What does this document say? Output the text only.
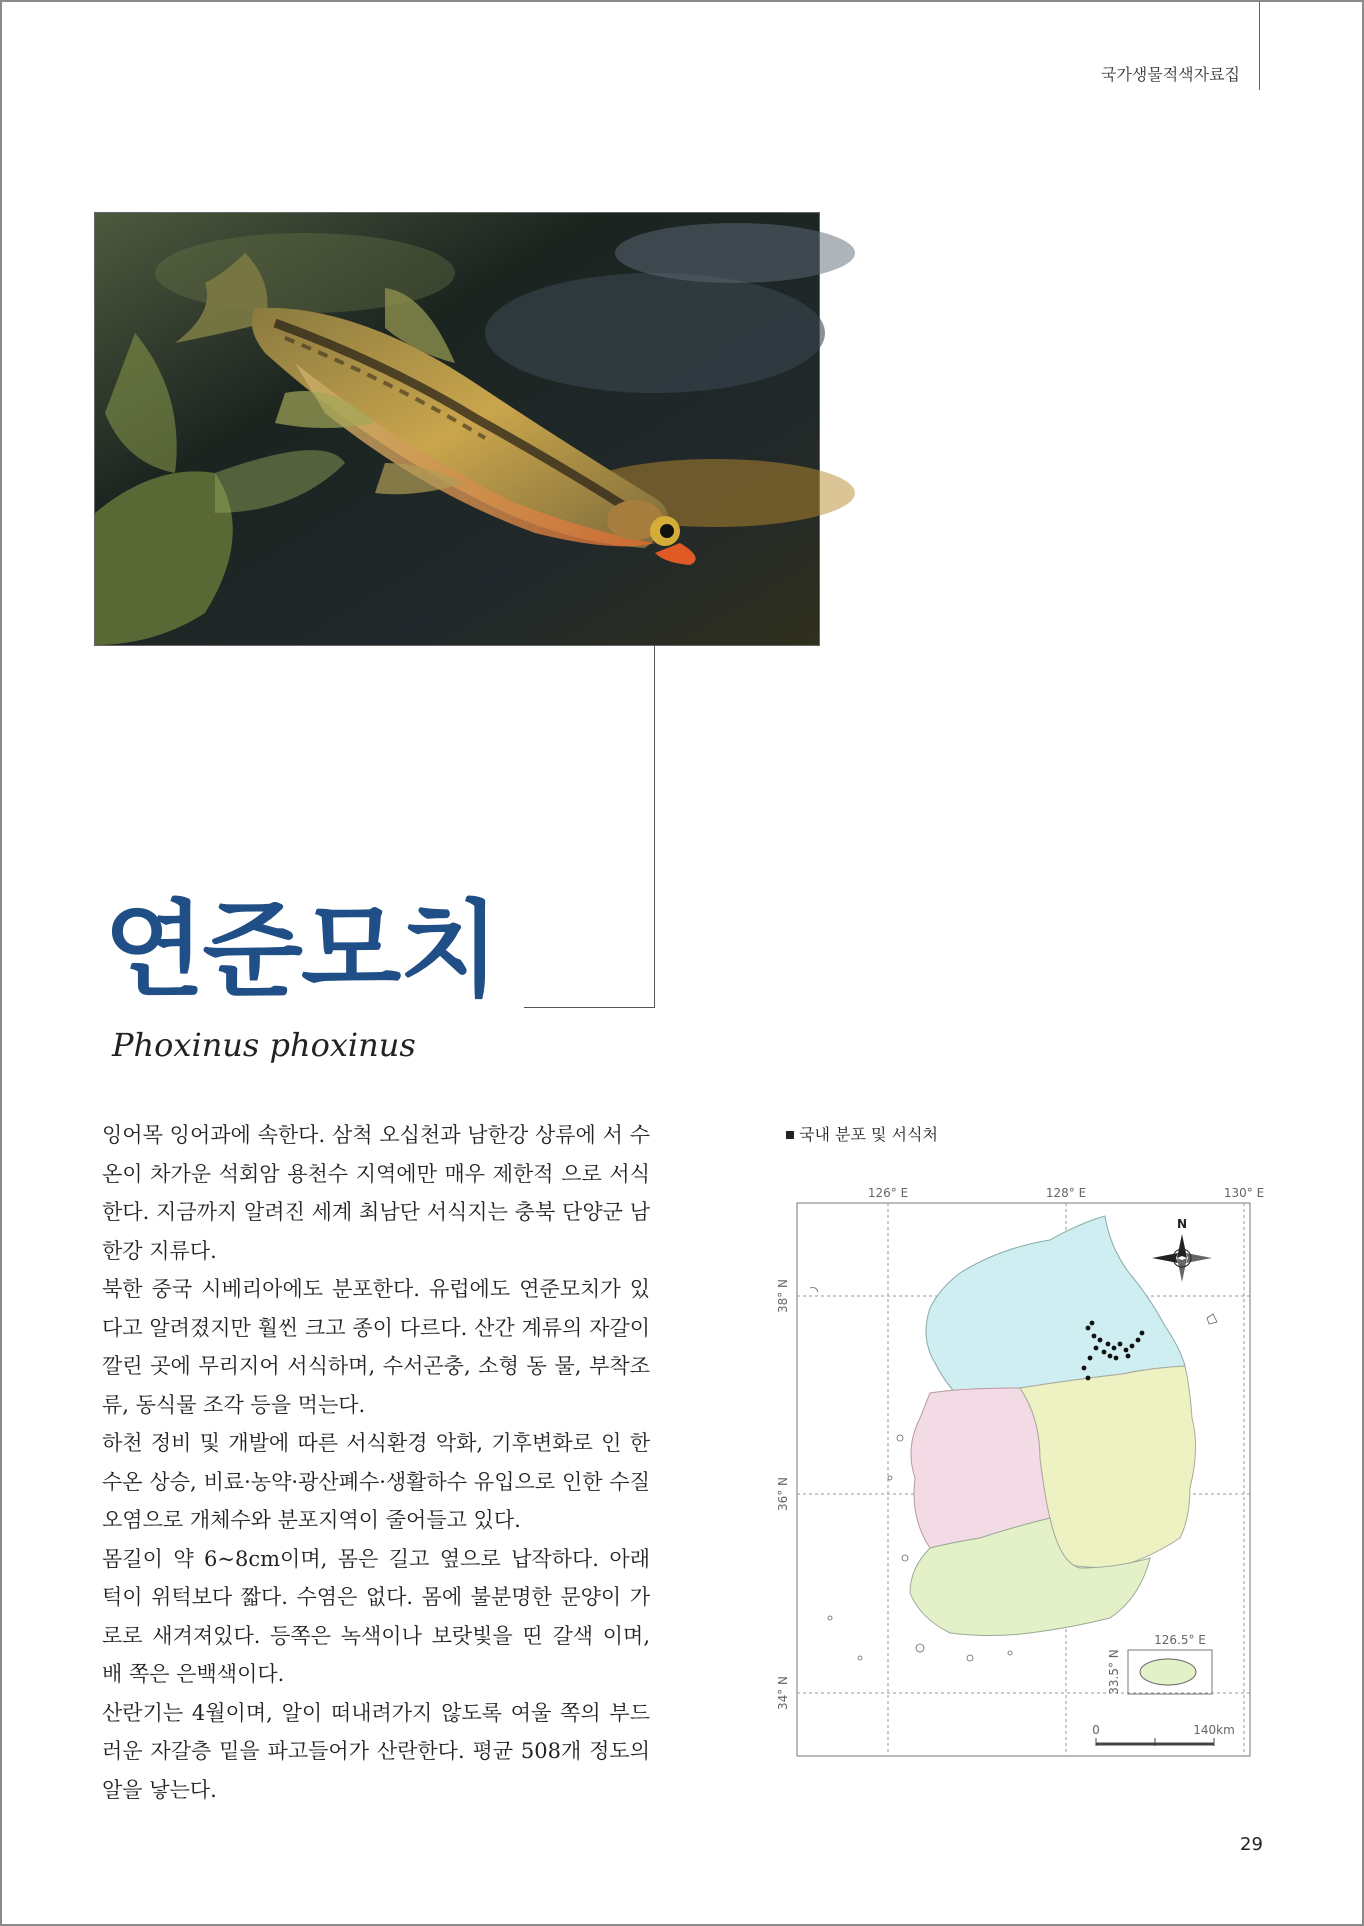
국가생물적색자료집
연준모치
Phoxinus phoxinus

잉어목 잉어과에 속한다. 삼척 오십천과 남한강 상류에 서 수온이 차가운 석회암 용천수 지역에만 매우 제한적 으로 서식한다. 지금까지 알려진 세계 최남단 서식지는 충북 단양군 남한강 지류다.

북한 중국 시베리아에도 분포한다. 유럽에도 연준모치가 있다고 알려졌지만 훨씬 크고 종이 다르다. 산간 계류의 자갈이 깔린 곳에 무리지어 서식하며, 수서곤충, 소형 동 물, 부착조류, 동식물 조각 등을 먹는다.

하천 정비 및 개발에 따른 서식환경 악화, 기후변화로 인 한 수온 상승, 비료·농약·광산폐수·생활하수 유입으로 인한 수질오염으로 개체수와 분포지역이 줄어들고 있다.

몸길이 약 6~8cm이며, 몸은 길고 옆으로 납작하다. 아래 턱이 위턱보다 짧다. 수염은 없다. 몸에 불분명한 문양이 가로로 새겨져있다. 등쪽은 녹색이나 보랏빛을 띤 갈색 이며, 배 쪽은 은백색이다.

산란기는 4월이며, 알이 떠내려가지 않도록 여울 쪽의 부드러운 자갈층 밑을 파고들어가 산란한다. 평균 508개 정도의 알을 낳는다.

국내 분포 및 서식처
126° E	128° E	130° E
38° N
36° N
34° N
N
126.5° E
33.5° N
0	140km
29
